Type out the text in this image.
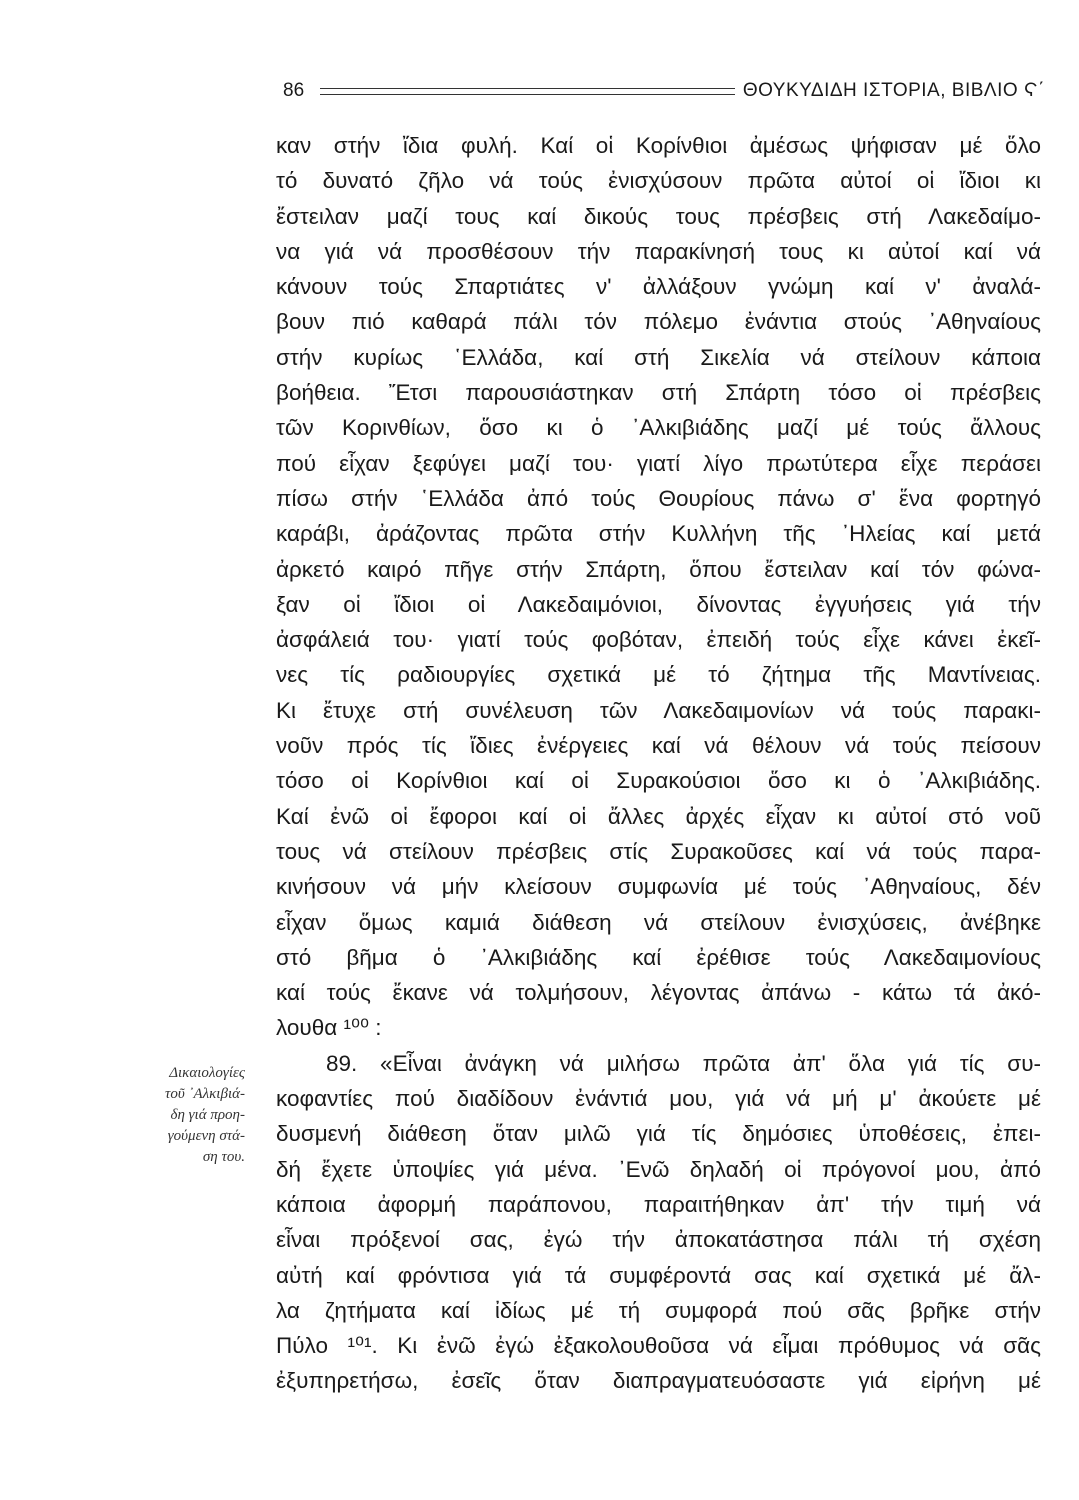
86	ΘΟΥΚΥΔΙΔΗ ΙΣΤΟΡΙΑ, ΒΙΒΛΙΟ Ϛ΄
Δικαιολογίες
τοῦ ᾿Αλκιβιά-
δη γιά προη-
γούμενη στά-
ση του.
καν στήν ἴδια φυλή. Καί οἱ Κορίνθιοι ἀμέσως ψήφισαν μέ ὅλο
τό δυνατό ζῆλο νά τούς ἐνισχύσουν πρῶτα αὐτοί οἱ ἴδιοι κι
ἔστειλαν μαζί τους καί δικούς τους πρέσβεις στή Λακεδαίμο-
να γιά νά προσθέσουν τήν παρακίνησή τους κι αὐτοί καί νά
κάνουν τούς Σπαρτιάτες ν' ἀλλάξουν γνώμη καί ν' ἀναλά-
βουν πιό καθαρά πάλι τόν πόλεμο ἐνάντια στούς ᾿Αθηναίους
στήν κυρίως ῾Ελλάδα, καί στή Σικελία νά στείλουν κάποια
βοήθεια. Ἔτσι παρουσιάστηκαν στή Σπάρτη τόσο οἱ πρέσβεις
τῶν Κορινθίων, ὅσο κι ὁ ᾿Αλκιβιάδης μαζί μέ τούς ἄλλους
πού εἶχαν ξεφύγει μαζί του· γιατί λίγο πρωτύτερα εἶχε περάσει
πίσω στήν ῾Ελλάδα ἀπό τούς Θουρίους πάνω σ' ἕνα φορτηγό
καράβι, ἀράζοντας πρῶτα στήν Κυλλήνη τῆς ᾿Ηλείας καί μετά
ἀρκετό καιρό πῆγε στήν Σπάρτη, ὅπου ἔστειλαν καί τόν φώνα-
ξαν οἱ ἴδιοι οἱ Λακεδαιμόνιοι, δίνοντας ἐγγυήσεις γιά τήν
ἀσφάλειά του· γιατί τούς φοβόταν, ἐπειδή τούς εἶχε κάνει ἐκεῖ-
νες τίς ραδιουργίες σχετικά μέ τό ζήτημα τῆς Μαντίνειας.
Κι ἔτυχε στή συνέλευση τῶν Λακεδαιμονίων νά τούς παρακι-
νοῦν πρός τίς ἴδιες ἐνέργειες καί νά θέλουν νά τούς πείσουν
τόσο οἱ Κορίνθιοι καί οἱ Συρακούσιοι ὅσο κι ὁ ᾿Αλκιβιάδης.
Καί ἐνῶ οἱ ἔφοροι καί οἱ ἄλλες ἀρχές εἶχαν κι αὐτοί στό νοῦ
τους νά στείλουν πρέσβεις στίς Συρακοῦσες καί νά τούς παρα-
κινήσουν νά μήν κλείσουν συμφωνία μέ τούς ᾿Αθηναίους, δέν
εἶχαν ὅμως καμιά διάθεση νά στείλουν ἐνισχύσεις, ἀνέβηκε
στό βῆμα ὁ ᾿Αλκιβιάδης καί ἐρέθισε τούς Λακεδαιμονίους
καί τούς ἔκανε νά τολμήσουν, λέγοντας ἀπάνω - κάτω τά ἀκό-
λουθα ¹⁰⁰ :
89. «Εἶναι ἀνάγκη νά μιλήσω πρῶτα ἀπ' ὅλα γιά τίς συ-
κοφαντίες πού διαδίδουν ἐνάντιά μου, γιά νά μή μ' ἀκούετε μέ
δυσμενή διάθεση ὅταν μιλῶ γιά τίς δημόσιες ὑποθέσεις, ἐπει-
δή ἔχετε ὑποψίες γιά μένα. ᾿Ενῶ δηλαδή οἱ πρόγονοί μου, ἀπό
κάποια ἀφορμή παράπονου, παραιτήθηκαν ἀπ' τήν τιμή νά
εἶναι πρόξενοί σας, ἐγώ τήν ἀποκατάστησα πάλι τή σχέση
αὐτή καί φρόντισα γιά τά συμφέροντά σας καί σχετικά μέ ἄλ-
λα ζητήματα καί ἰδίως μέ τή συμφορά πού σᾶς βρῆκε στήν
Πύλο ¹⁰¹. Κι ἐνῶ ἐγώ ἐξακολουθοῦσα νά εἶμαι πρόθυμος νά σᾶς
ἐξυπηρετήσω, ἐσεῖς ὅταν διαπραγματευόσαστε γιά εἰρήνη μέ
